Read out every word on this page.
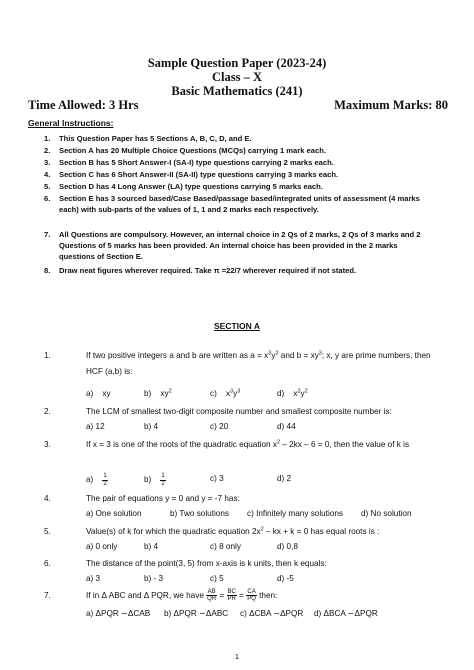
Sample Question Paper (2023-24)
Class – X
Basic Mathematics (241)
Time Allowed: 3 Hrs	Maximum Marks: 80
General Instructions:
1. This Question Paper has 5 Sections A, B, C, D, and E.
2. Section A has 20 Multiple Choice Questions (MCQs) carrying 1 mark each.
3. Section B has 5 Short Answer-I (SA-I) type questions carrying 2 marks each.
4. Section C has 6 Short Answer-II (SA-II) type questions carrying 3 marks each.
5. Section D has 4 Long Answer (LA) type questions carrying 5 marks each.
6. Section E has 3 sourced based/Case Based/passage based/integrated units of assessment (4 marks each) with sub-parts of the values of 1, 1 and 2 marks each respectively.
7. All Questions are compulsory. However, an internal choice in 2 Qs of 2 marks, 2 Qs of 3 marks and 2 Questions of 5 marks has been provided. An internal choice has been provided in the 2 marks questions of Section E.
8. Draw neat figures wherever required. Take π =22/7 wherever required if not stated.
SECTION A
1.	If two positive integers a and b are written as $a = x^3y^2$ and $b = xy^3$; x, y are prime numbers, then HCF (a,b) is:
a) xy	b) $xy^2$	c) $x^3y^3$	d) $x^2y^2$
2.	The LCM of smallest two-digit composite number and smallest composite number is:
a) 12	b) 4	c) 20	d) 44
3.	If x = 3 is one of the roots of the quadratic equation $x^2 - 2kx - 6 = 0$, then the value of k is
$a) \frac{1}{2}$	$b) \frac{1}{2}$	c) 3	d) 2
4.	The pair of equations y = 0 and y = -7 has:
a) One solution	b) Two solutions c) Infinitely many solutions d) No solution
5.	Value(s) of k for which the quadratic equation $2x^2$ – kx + k = 0 has equal roots is :
a) 0 only	b) 4	c) 8 only	d) 0,8
6.	The distance of the point(3, 5) from x-axis is k units, then k equals:
a) 3	b) - 3	c) 5	d) -5
7.	If in Δ ABC and Δ PQR, we have $\frac{AB}{QR} = \frac{BC}{PR} = \frac{CA}{PQ}$ then:
a) ΔPQR ∼ΔCAB b) ΔPQR ∼ΔABC c) ΔCBA ∼ΔPQR d) ΔBCA ∼ΔPQR
1
